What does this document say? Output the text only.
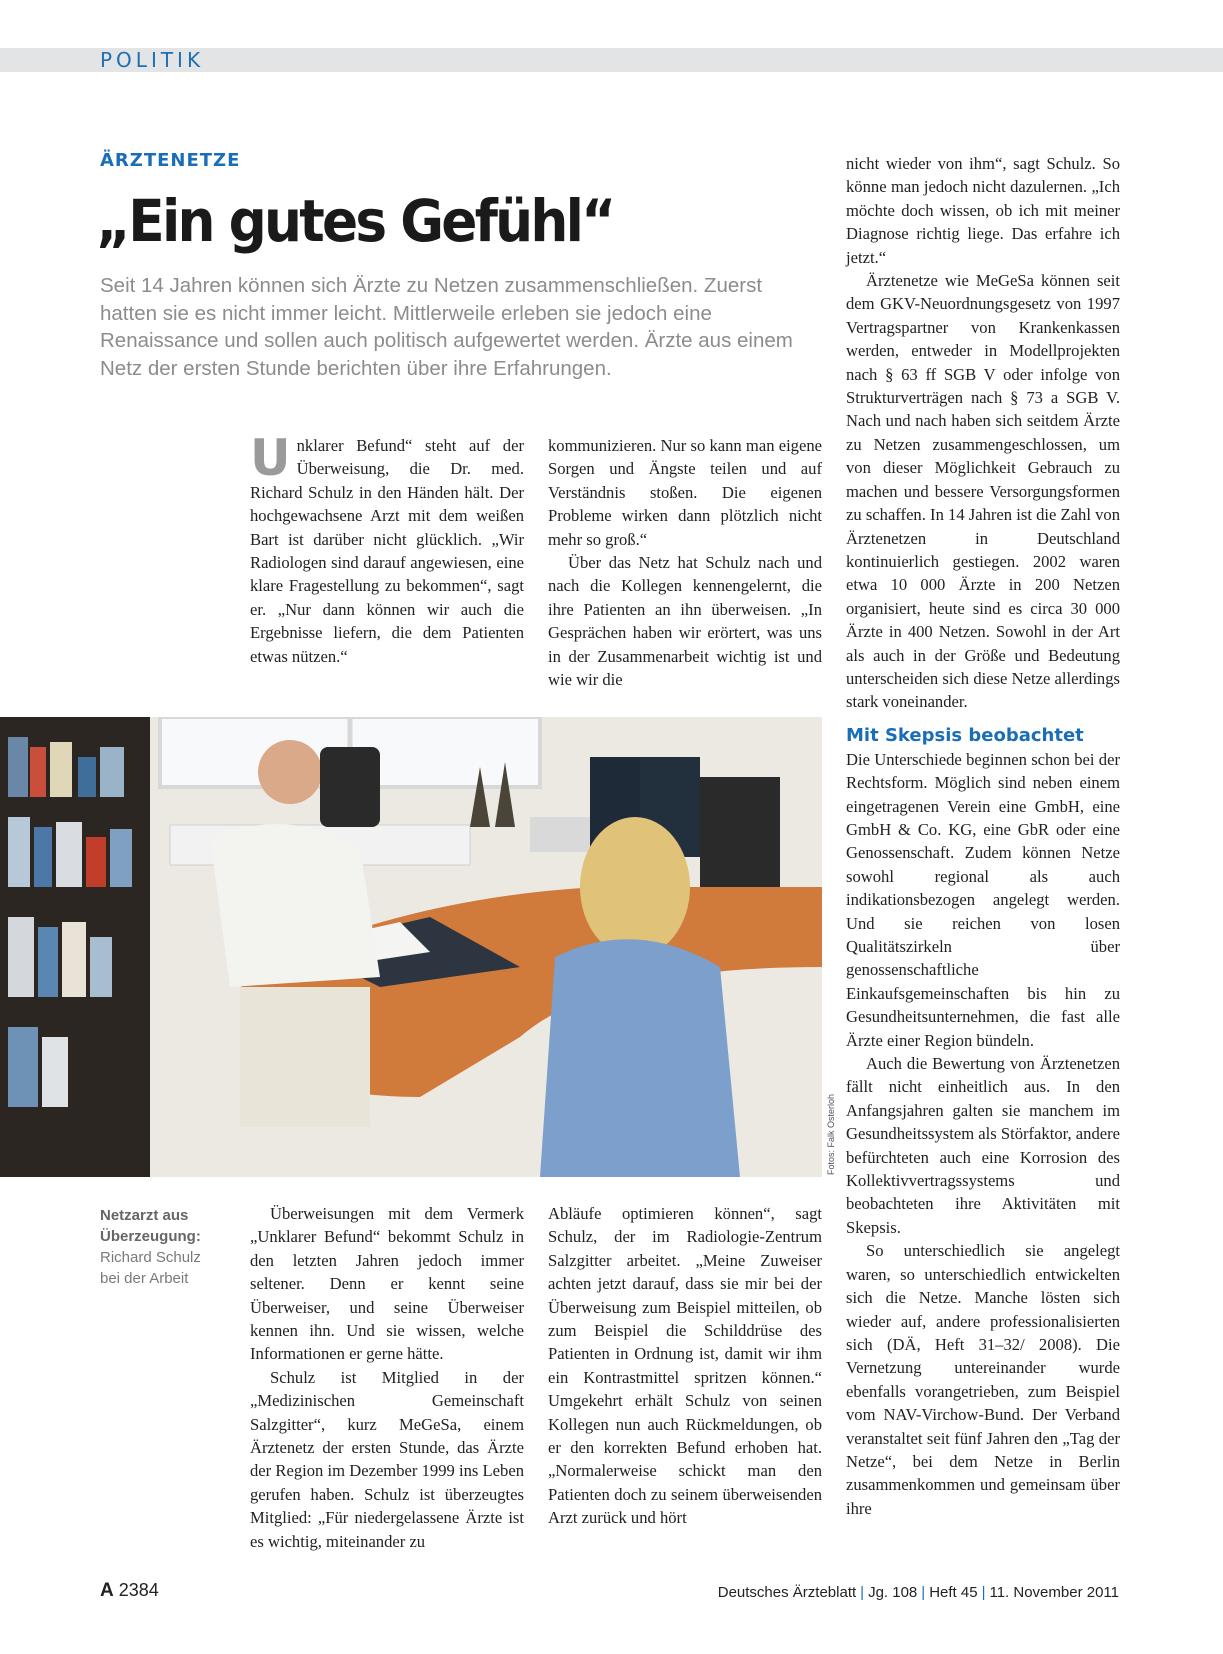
POLITIK
ÄRZTENETZE
„Ein gutes Gefühl“

Seit 14 Jahren können sich Ärzte zu Netzen zusammenschließen. Zuerst hatten sie es nicht immer leicht. Mittlerweile erleben sie jedoch eine Renaissance und sollen auch politisch aufgewertet werden. Ärzte aus einem Netz der ersten Stunde berichten über ihre Erfahrungen.

Unklarer Befund“ steht auf der Überweisung, die Dr. med. Richard Schulz in den Händen hält. Der hochgewachsene Arzt mit dem weißen Bart ist darüber nicht glücklich. „Wir Radiologen sind darauf angewiesen, eine klare Fragestellung zu bekommen“, sagt er. „Nur dann können wir auch die Ergebnisse liefern, die dem Patienten etwas nützen.“

kommunizieren. Nur so kann man eigene Sorgen und Ängste teilen und auf Verständnis stoßen. Die eigenen Probleme wirken dann plötzlich nicht mehr so groß.“

Über das Netz hat Schulz nach und nach die Kollegen kennengelernt, die ihre Patienten an ihn überweisen. „In Gesprächen haben wir erörtert, was uns in der Zusammenarbeit wichtig ist und wie wir die

nicht wieder von ihm“, sagt Schulz. So könne man jedoch nicht dazulernen. „Ich möchte doch wissen, ob ich mit meiner Diagnose richtig liege. Das erfahre ich jetzt.“

Ärztenetze wie MeGeSa können seit dem GKV-Neuordnungsgesetz von 1997 Vertragspartner von Krankenkassen werden, entweder in Modellprojekten nach § 63 ff SGB V oder infolge von Strukturverträgen nach § 73 a SGB V. Nach und nach haben sich seitdem Ärzte zu Netzen zusammengeschlossen, um von dieser Möglichkeit Gebrauch zu machen und bessere Versorgungsformen zu schaffen. In 14 Jahren ist die Zahl von Ärztenetzen in Deutschland kontinuierlich gestiegen. 2002 waren etwa 10 000 Ärzte in 200 Netzen organisiert, heute sind es circa 30 000 Ärzte in 400 Netzen. Sowohl in der Art als auch in der Größe und Bedeutung unterscheiden sich diese Netze allerdings stark voneinander.

Mit Skepsis beobachtet

Die Unterschiede beginnen schon bei der Rechtsform. Möglich sind neben einem eingetragenen Verein eine GmbH, eine GmbH & Co. KG, eine GbR oder eine Genossenschaft. Zudem können Netze sowohl regional als auch indikationsbezogen angelegt werden. Und sie reichen von losen Qualitätszirkeln über genossenschaftliche Einkaufsgemeinschaften bis hin zu Gesundheitsunternehmen, die fast alle Ärzte einer Region bündeln.

Auch die Bewertung von Ärztenetzen fällt nicht einheitlich aus. In den Anfangsjahren galten sie manchem im Gesundheitssystem als Störfaktor, andere befürchteten auch eine Korrosion des Kollektivvertragssystems und beobachteten ihre Aktivitäten mit Skepsis.

So unterschiedlich sie angelegt waren, so unterschiedlich entwickelten sich die Netze. Manche lösten sich wieder auf, andere professionalisierten sich (DÄ, Heft 31–32/ 2008). Die Vernetzung untereinander wurde ebenfalls vorangetrieben, zum Beispiel vom NAV-Virchow-Bund. Der Verband veranstaltet seit fünf Jahren den „Tag der Netze“, bei dem Netze in Berlin zusammenkommen und gemeinsam über ihre

Fotos: Falk Osterloh
Netzarzt aus Überzeugung:
Richard Schulz bei der Arbeit

Überweisungen mit dem Vermerk „Unklarer Befund“ bekommt Schulz in den letzten Jahren jedoch immer seltener. Denn er kennt seine Überweiser, und seine Überweiser kennen ihn. Und sie wissen, welche Informationen er gerne hätte.

Schulz ist Mitglied in der „Medizinischen Gemeinschaft Salzgitter“, kurz MeGeSa, einem Ärztenetz der ersten Stunde, das Ärzte der Region im Dezember 1999 ins Leben gerufen haben. Schulz ist überzeugtes Mitglied: „Für niedergelassene Ärzte ist es wichtig, miteinander zu

Abläufe optimieren können“, sagt Schulz, der im Radiologie-Zentrum Salzgitter arbeitet. „Meine Zuweiser achten jetzt darauf, dass sie mir bei der Überweisung zum Beispiel mitteilen, ob zum Beispiel die Schilddrüse des Patienten in Ordnung ist, damit wir ihm ein Kontrastmittel spritzen können.“ Umgekehrt erhält Schulz von seinen Kollegen nun auch Rückmeldungen, ob er den korrekten Befund erhoben hat. „Normalerweise schickt man den Patienten doch zu seinem überweisenden Arzt zurück und hört

A 2384	Deutsches Ärzteblatt | Jg. 108 | Heft 45 | 11. November 2011
